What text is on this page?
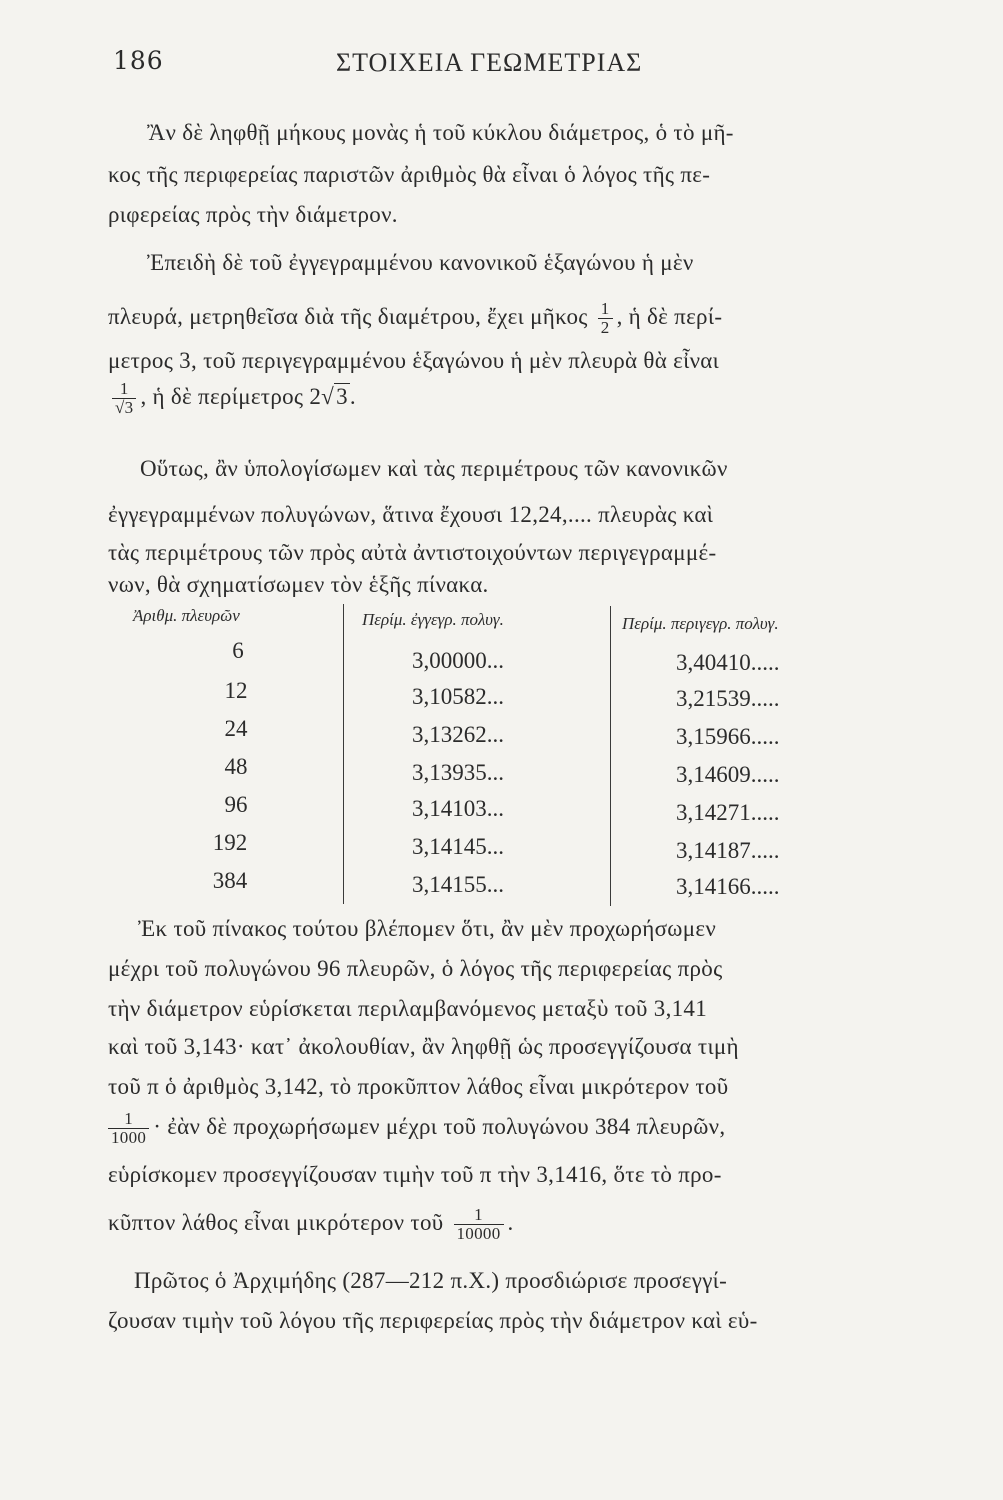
186	ΣΤΟΙΧΕΙΑ ΓΕΩΜΕΤΡΙΑΣ
Ἂν δὲ ληφθῇ μήκους μονὰς ἡ τοῦ κύκλου διάμετρος, ὁ τὸ μῆ-
κος τῆς περιφερείας παριστῶν ἀριθμὸς θὰ εἶναι ὁ λόγος τῆς πε-
ριφερείας πρὸς τὴν διάμετρον.
Ἐπειδὴ δὲ τοῦ ἐγγεγραμμένου κανονικοῦ ἑξαγώνου ἡ μὲν
πλευρά, μετρηθεῖσα διὰ τῆς διαμέτρου, ἔχει μῆκος $\frac{1}{2}$ , ἡ δὲ περί-
μετρος 3, τοῦ περιγεγραμμένου ἑξαγώνου ἡ μὲν πλευρὰ θὰ εἶναι
$\frac{1}{√3}$ , ἡ δὲ περίμετρος 2√3.
Οὕτως, ἂν ὑπολογίσωμεν καὶ τὰς περιμέτρους τῶν κανονικῶν
ἐγγεγραμμένων πολυγώνων, ἅτινα ἔχουσι 12,24,.... πλευρὰς καὶ
τὰς περιμέτρους τῶν πρὸς αὐτὰ ἀντιστοιχούντων περιγεγραμμέ-
νων, θὰ σχηματίσωμεν τὸν ἑξῆς πίνακα.
Ἀριθμ. πλευρῶν	Περίμ. ἐγγεγρ. πολυγ.	Περίμ. περιγεγρ. πολυγ.
6	3,00000...	3,40410.....
12	3,10582...	3,21539.....
24	3,13262...	3,15966.....
48	3,13935...	3,14609.....
96	3,14103...	3,14271.....
192	3,14145...	3,14187.....
384	3,14155...	3,14166.....
Ἐκ τοῦ πίνακος τούτου βλέπομεν ὅτι, ἂν μὲν προχωρήσωμεν
μέχρι τοῦ πολυγώνου 96 πλευρῶν, ὁ λόγος τῆς περιφερείας πρὸς
τὴν διάμετρον εὑρίσκεται περιλαμβανόμενος μεταξὺ τοῦ 3,141
καὶ τοῦ 3,143· κατ᾽ ἀκολουθίαν, ἂν ληφθῇ ὡς προσεγγίζουσα τιμὴ
τοῦ π ὁ ἀριθμὸς 3,142, τὸ προκῦπτον λάθος εἶναι μικρότερον τοῦ
$\frac{1}{1000}$ · ἐὰν δὲ προχωρήσωμεν μέχρι τοῦ πολυγώνου 384 πλευρῶν,
εὑρίσκομεν προσεγγίζουσαν τιμὴν τοῦ π τὴν 3,1416, ὅτε τὸ προ-
κῦπτον λάθος εἶναι μικρότερον τοῦ $\frac{1}{10000}$ .
Πρῶτος ὁ Ἀρχιμήδης (287—212 π.Χ.) προσδιώρισε προσεγγί-
ζουσαν τιμὴν τοῦ λόγου τῆς περιφερείας πρὸς τὴν διάμετρον καὶ εὑ-
